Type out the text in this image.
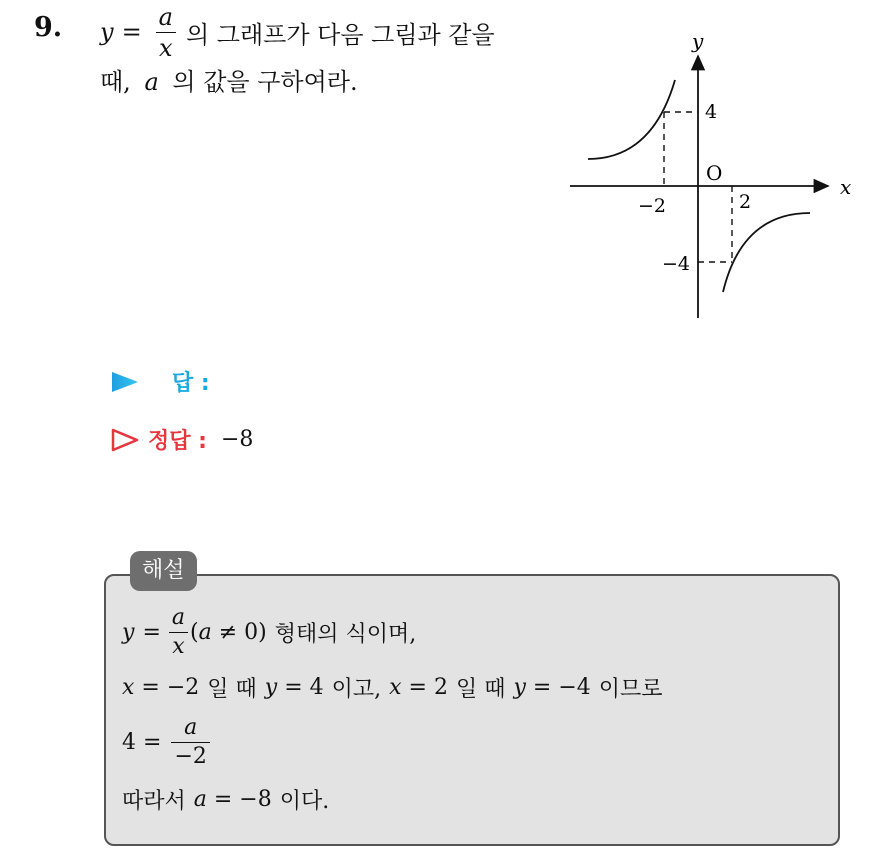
9. $y = \frac{a}{x}$ 의 그래프가 다음 그림과 같을
때, a 의 값을 구하여라.
y
x
O
4
−4
2
−2
답 :
정답 : −8
해설
$y = \frac{a}{x}$ ( a ≠ 0) 형태의 식이며,
x = −2 일 때 y = 4 이고, x = 2 일 때 y = −4 이므로
$4 = \frac{a}{-2}$
따라서 a = −8 이다.
